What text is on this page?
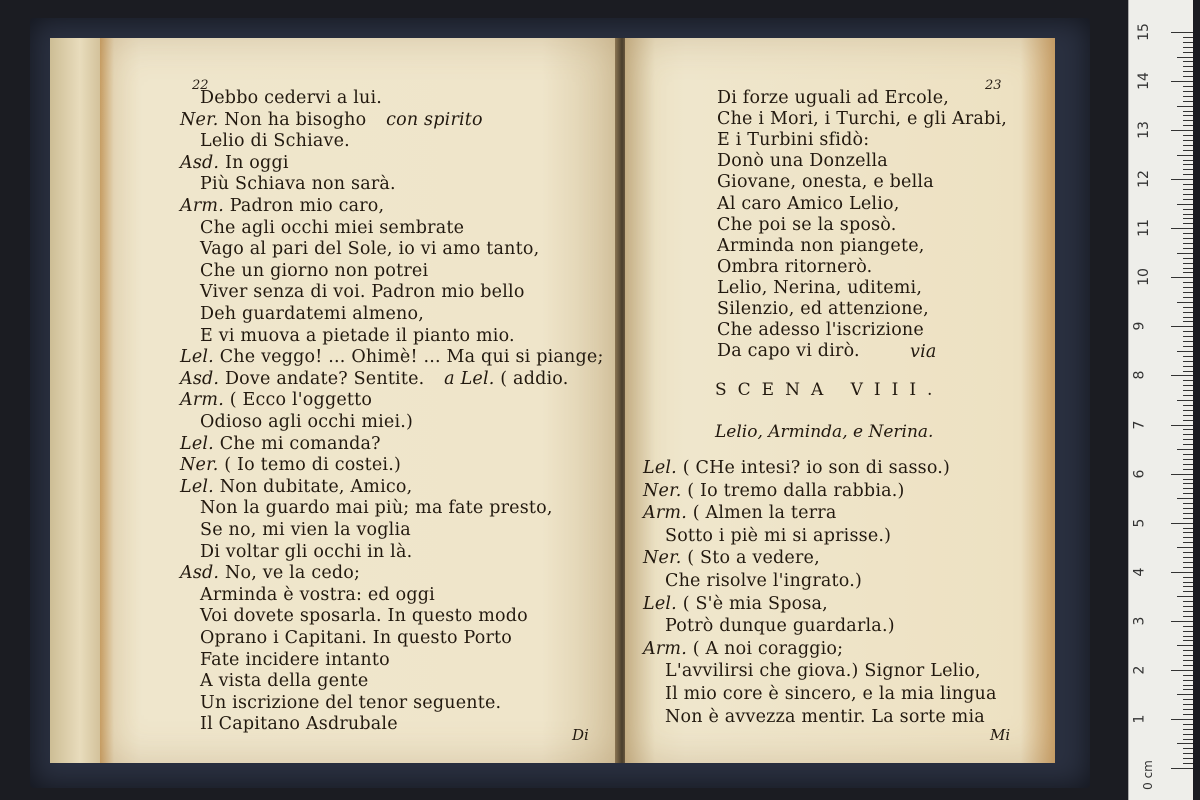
22
Debbo cedervi a lui.
Ner. Non ha bisogho con spirito
Lelio di Schiave.
Asd. In oggi
Più Schiava non sarà.
Arm. Padron mio caro,
Che agli occhi miei sembrate
Vago al pari del Sole, io vi amo tanto,
Che un giorno non potrei
Viver senza di voi. Padron mio bello
Deh guardatemi almeno,
E vi muova a pietade il pianto mio.
Lel. Che veggo! ... Ohimè! ... Ma qui si piange;
Asd. Dove andate? Sentite. a Lel. ( addio.
Arm. ( Ecco l'oggetto
Odioso agli occhi miei.)
Lel. Che mi comanda?
Ner. ( Io temo di costei.)
Lel. Non dubitate, Amico,
Non la guardo mai più; ma fate presto,
Se no, mi vien la voglia
Di voltar gli occhi in là.
Asd. No, ve la cedo;
Arminda è vostra: ed oggi
Voi dovete sposarla. In questo modo
Oprano i Capitani. In questo Porto
Fate incidere intanto
A vista della gente
Un iscrizione del tenor seguente.
Il Capitano Asdrubale
Di
23
Di forze uguali ad Ercole,
Che i Mori, i Turchi, e gli Arabi,
E i Turbini sfidò:
Donò una Donzella
Giovane, onesta, e bella
Al caro Amico Lelio,
Che poi se la sposò.
Arminda non piangete,
Ombra ritornerò.
Lelio, Nerina, uditemi,
Silenzio, ed attenzione,
Che adesso l'iscrizione
Da capo vi dirò.	via
SCENA VIII.
Lelio, Arminda, e Nerina.
Lel. ( CHe intesi? io son di sasso.)
Ner. ( Io tremo dalla rabbia.)
Arm. ( Almen la terra
Sotto i piè mi si aprisse.)
Ner. ( Sto a vedere,
Che risolve l'ingrato.)
Lel. ( S'è mia Sposa,
Potrò dunque guardarla.)
Arm. ( A noi coraggio;
L'avvilirsi che giova.) Signor Lelio,
Il mio core è sincero, e la mia lingua
Non è avvezza mentir. La sorte mia
Mi
15
14
13
12
11
10
9
8
7
6
5
4
3
2
1
0 cm
